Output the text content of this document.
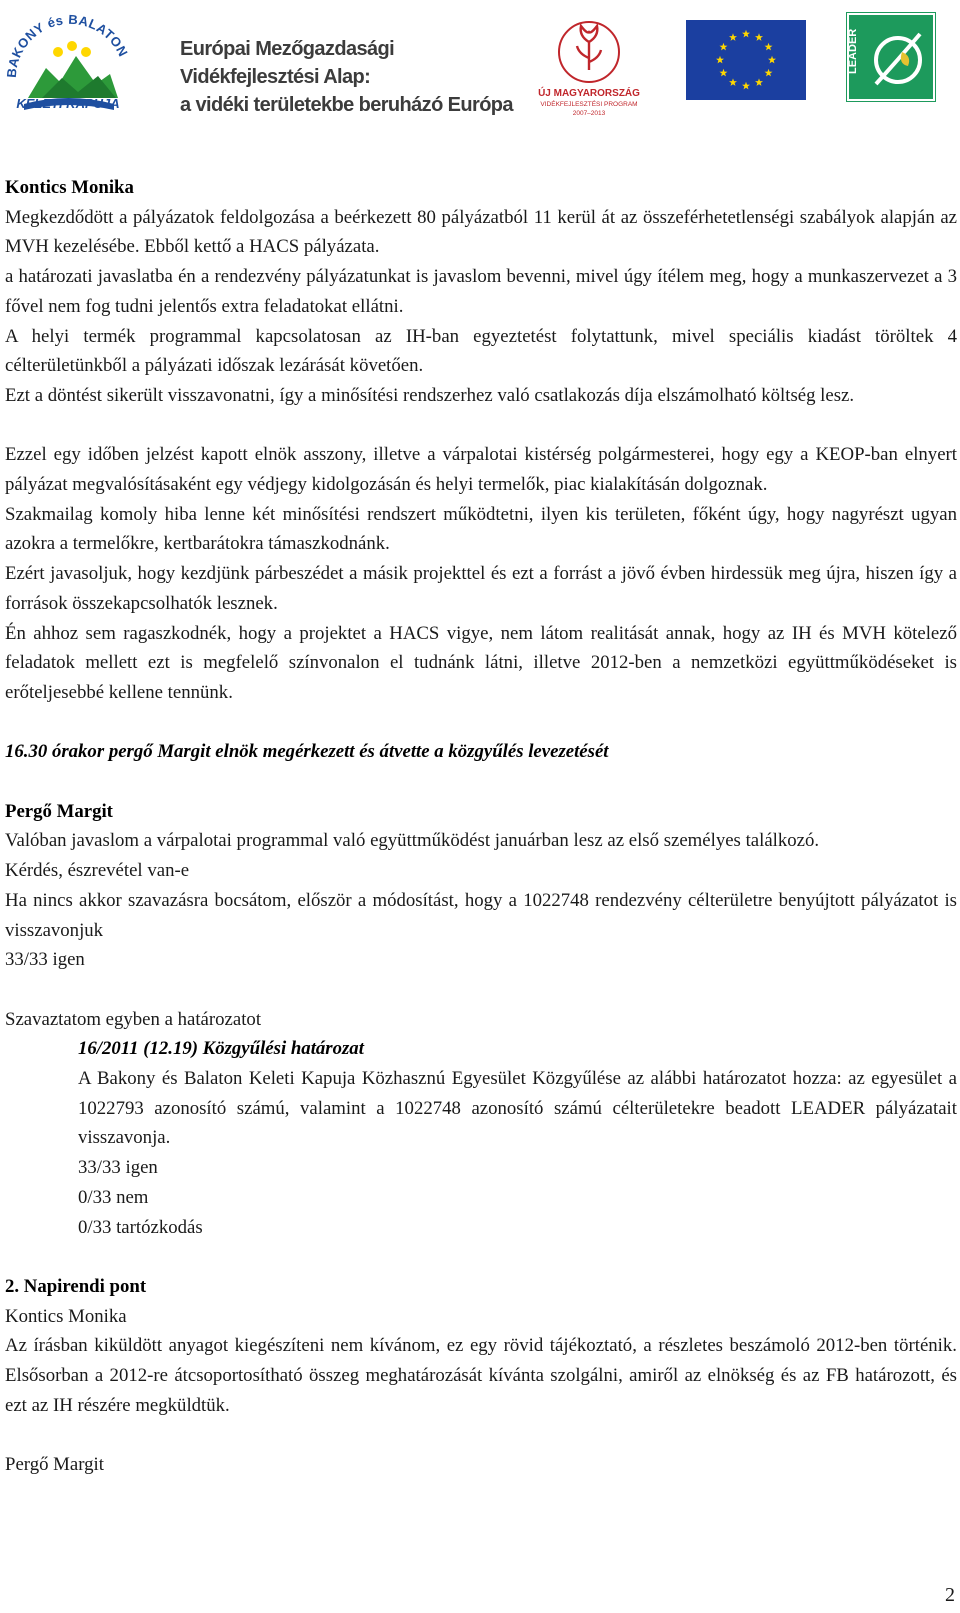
BAKONY és BALATON
KELETI KAPUJA
Európai Mezőgazdasági Vidékfejlesztési Alap:
a vidéki területekbe beruházó Európa
ÚJ MAGYARORSZÁG
VIDÉKFEJLESZTÉSI PROGRAM
2007–2013
LEADER

Kontics Monika

Megkezdődött a pályázatok feldolgozása a beérkezett 80 pályázatból 11 kerül át az összeférhetetlenségi szabályok alapján az MVH kezelésébe. Ebből kettő a HACS pályázata.

a határozati javaslatba én a rendezvény pályázatunkat is javaslom bevenni, mivel úgy ítélem meg, hogy a munkaszervezet a 3 fővel nem fog tudni jelentős extra feladatokat ellátni.

A helyi termék programmal kapcsolatosan az IH-ban egyeztetést folytattunk, mivel speciális kiadást töröltek 4 célterületünkből a pályázati időszak lezárását követően.

Ezt a döntést sikerült visszavonatni, így a minősítési rendszerhez való csatlakozás díja elszámolható költség lesz.

Ezzel egy időben jelzést kapott elnök asszony, illetve a várpalotai kistérség polgármesterei, hogy egy a KEOP-ban elnyert pályázat megvalósításaként egy védjegy kidolgozásán és helyi termelők, piac kialakításán dolgoznak.

Szakmailag komoly hiba lenne két minősítési rendszert működtetni, ilyen kis területen, főként úgy, hogy nagyrészt ugyan azokra a termelőkre, kertbarátokra támaszkodnánk.

Ezért javasoljuk, hogy kezdjünk párbeszédet a másik projekttel és ezt a forrást a jövő évben hirdessük meg újra, hiszen így a források összekapcsolhatók lesznek.

Én ahhoz sem ragaszkodnék, hogy a projektet a HACS vigye, nem látom realitását annak, hogy az IH és MVH kötelező feladatok mellett ezt is megfelelő színvonalon el tudnánk látni, illetve 2012-ben a nemzetközi együttműködéseket is erőteljesebbé kellene tennünk.

16.30 órakor pergő Margit elnök megérkezett és átvette a közgyűlés levezetését

Pergő Margit

Valóban javaslom a várpalotai programmal való együttműködést januárban lesz az első személyes találkozó.

Kérdés, észrevétel van-e

Ha nincs akkor szavazásra bocsátom, először a módosítást, hogy a 1022748 rendezvény célterületre benyújtott pályázatot is visszavonjuk

33/33 igen

Szavaztatom egyben a határozatot

16/2011 (12.19) Közgyűlési határozat

A Bakony és Balaton Keleti Kapuja Közhasznú Egyesület Közgyűlése az alábbi határozatot hozza: az egyesület a 1022793 azonosító számú, valamint a 1022748 azonosító számú célterületekre beadott LEADER pályázatait visszavonja.

33/33 igen

0/33 nem

0/33 tartózkodás

2. Napirendi pont

Kontics Monika

Az írásban kiküldött anyagot kiegészíteni nem kívánom, ez egy rövid tájékoztató, a részletes beszámoló 2012-ben történik. Elsősorban a 2012-re átcsoportosítható összeg meghatározását kívánta szolgálni, amiről az elnökség és az FB határozott, és ezt az IH részére megküldtük.

Pergő Margit

2
